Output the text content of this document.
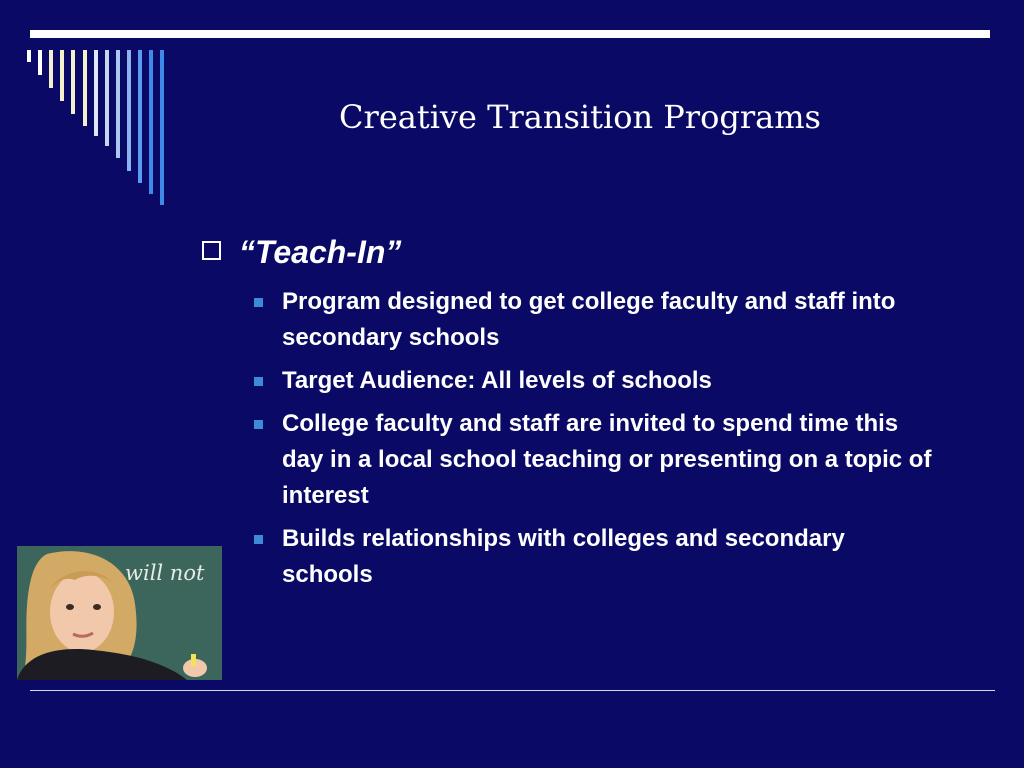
Creative Transition Programs
“Teach-In”
Program designed to get college faculty and staff into secondary schools
Target Audience: All levels of schools
College faculty and staff are invited to spend time this day in a local school teaching or presenting on a topic of interest
Builds relationships with colleges and secondary schools
will not
